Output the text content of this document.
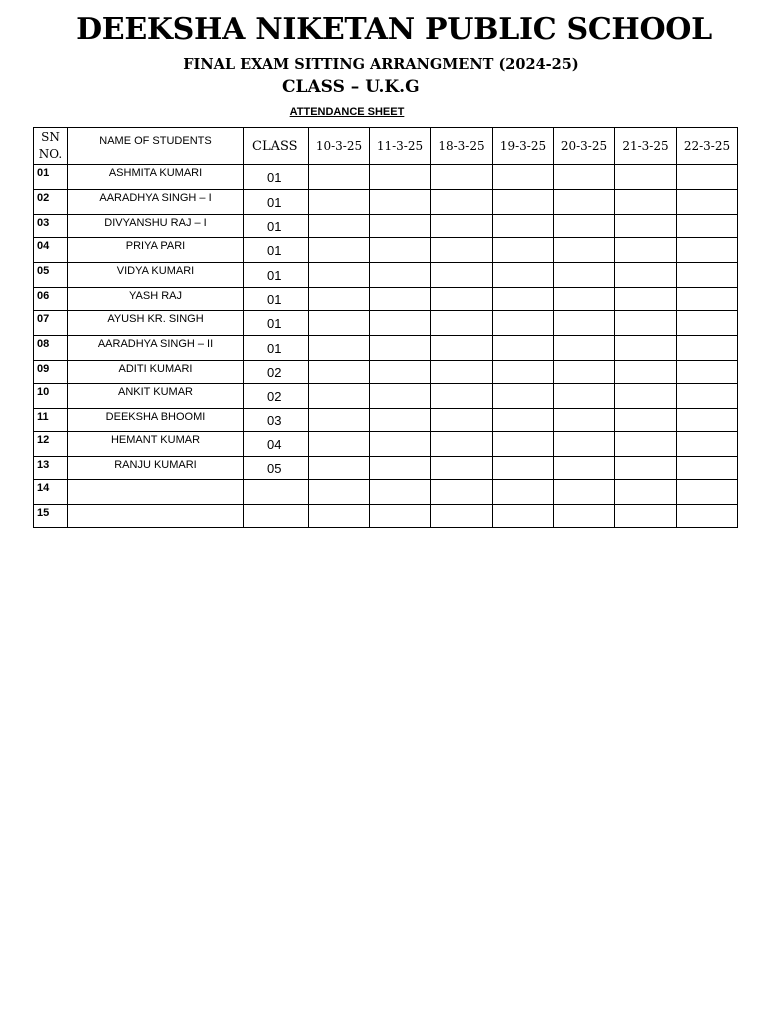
DEEKSHA NIKETAN PUBLIC SCHOOL
FINAL EXAM SITTING ARRANGMENT (2024-25)
CLASS – U.K.G
ATTENDANCE SHEET
SN
NO.	NAME OF STUDENTS	CLASS	10-3-25	11-3-25	18-3-25	19-3-25	20-3-25	21-3-25	22-3-25
01	ASHMITA KUMARI	01							
02	AARADHYA SINGH – I	01							
03	DIVYANSHU RAJ – I	01							
04	PRIYA PARI	01							
05	VIDYA KUMARI	01							
06	YASH RAJ	01							
07	AYUSH KR. SINGH	01							
08	AARADHYA SINGH – II	01							
09	ADITI KUMARI	02							
10	ANKIT KUMAR	02							
11	DEEKSHA BHOOMI	03							
12	HEMANT KUMAR	04							
13	RANJU KUMARI	05							
14									
15									
